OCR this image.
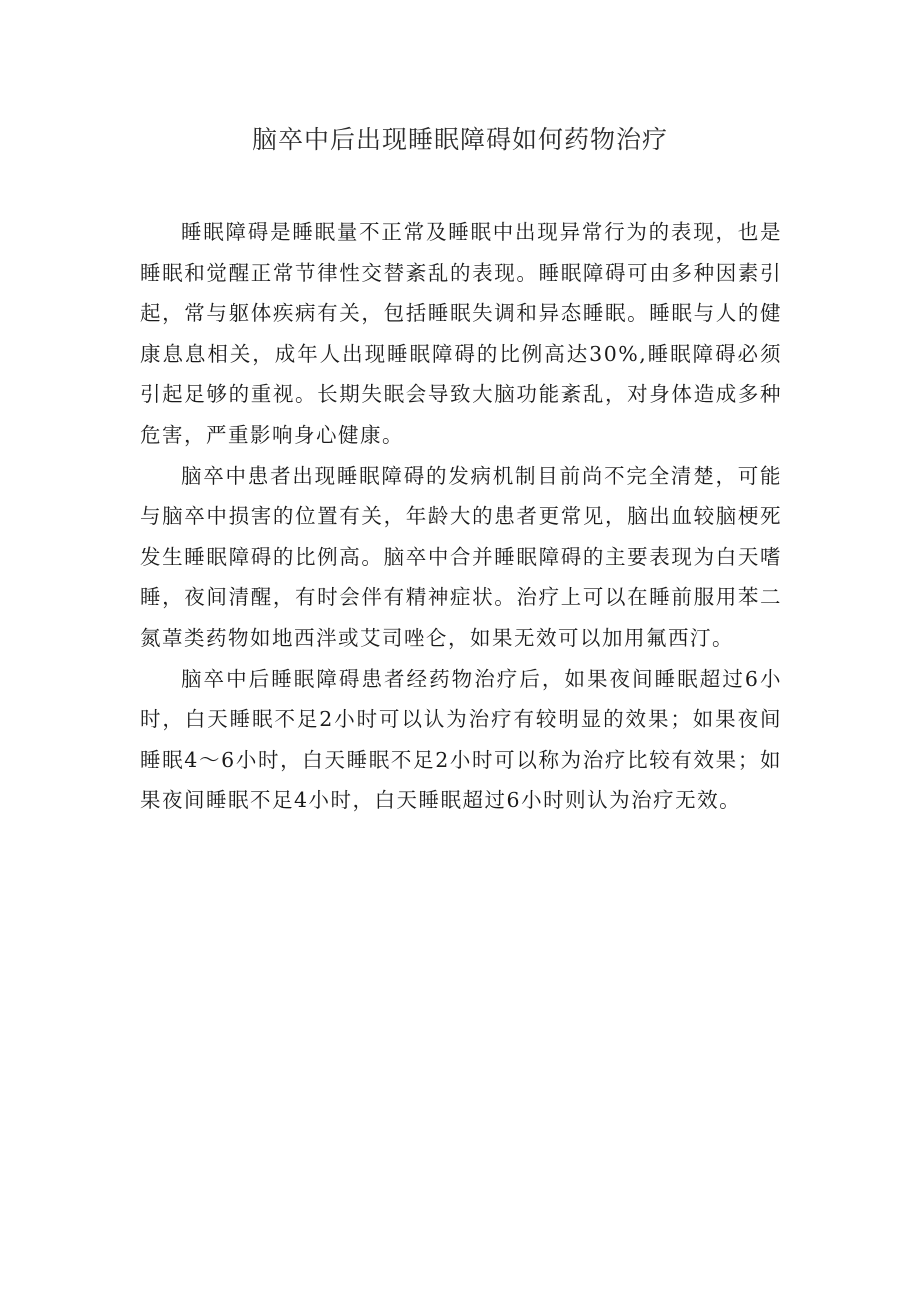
脑卒中后出现睡眠障碍如何药物治疗

睡眠障碍是睡眠量不正常及睡眠中出现异常行为的表现，也是睡眠和觉醒正常节律性交替紊乱的表现。睡眠障碍可由多种因素引起，常与躯体疾病有关，包括睡眠失调和异态睡眠。睡眠与人的健康息息相关，成年人出现睡眠障碍的比例高达30%,睡眠障碍必须引起足够的重视。长期失眠会导致大脑功能紊乱，对身体造成多种危害，严重影响身心健康。

脑卒中患者出现睡眠障碍的发病机制目前尚不完全清楚，可能与脑卒中损害的位置有关，年龄大的患者更常见，脑出血较脑梗死发生睡眠障碍的比例高。脑卒中合并睡眠障碍的主要表现为白天嗜睡，夜间清醒，有时会伴有精神症状。治疗上可以在睡前服用苯二氮䓬类药物如地西泮或艾司唑仑，如果无效可以加用氟西汀。

脑卒中后睡眠障碍患者经药物治疗后，如果夜间睡眠超过6小时，白天睡眠不足2小时可以认为治疗有较明显的效果；如果夜间睡眠4～6小时，白天睡眠不足2小时可以称为治疗比较有效果；如果夜间睡眠不足4小时，白天睡眠超过6小时则认为治疗无效。
